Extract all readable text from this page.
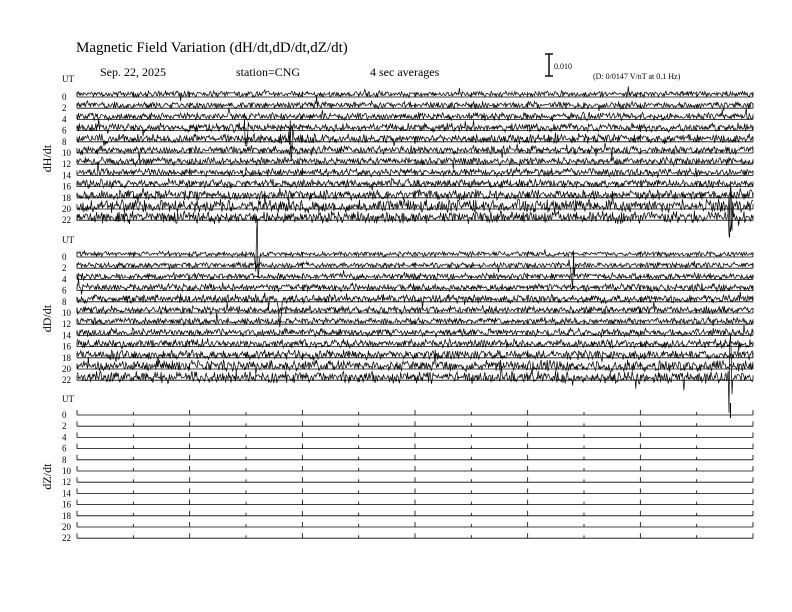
Magnetic Field Variation (dH/dt,dD/dt,dZ/dt)
Sep. 22, 2025	station=CNG	4 sec averages	0.010
(D: 0/0147 V/nT at 0.1 Hz)
UT
dH/dt
0
2
4
6
8
10
12
14
16
18
20
22
UT
dD/dt
0
2
4
6
8
10
12
14
16
18
20
22
UT
dZ/dt
0
2
4
6
8
10
12
14
16
18
20
22
